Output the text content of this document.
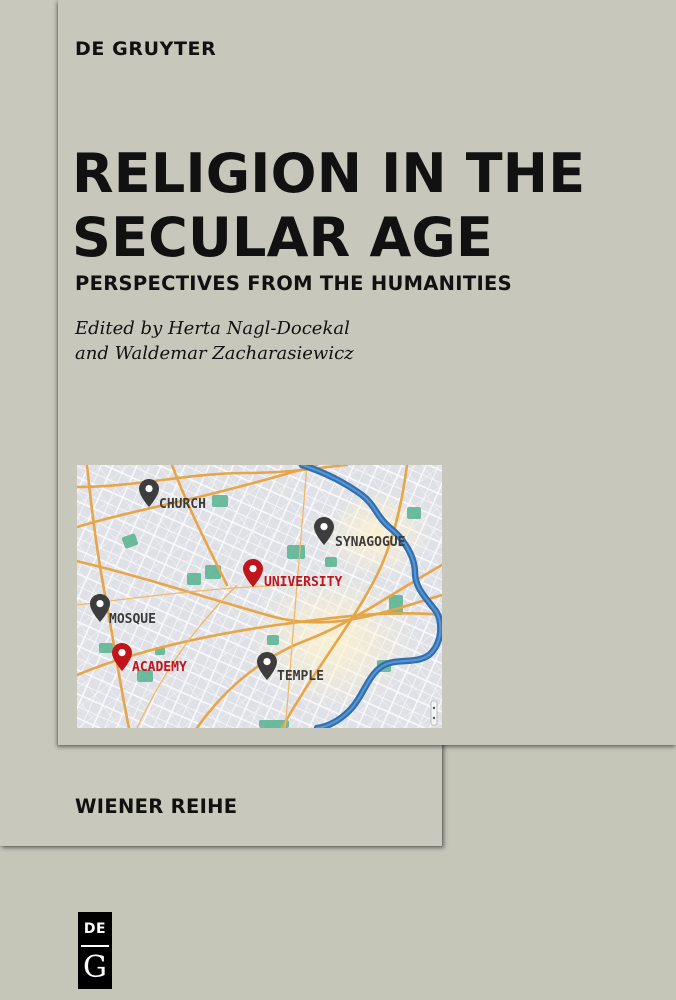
DE GRUYTER
RELIGION IN THE
SECULAR AGE
PERSPECTIVES FROM THE HUMANITIES
Edited by Herta Nagl-Docekal
and Waldemar Zacharasiewicz
CHURCH
SYNAGOGUE
UNIVERSITY
MOSQUE
ACADEMY
TEMPLE
WIENER REIHE
DE
G
